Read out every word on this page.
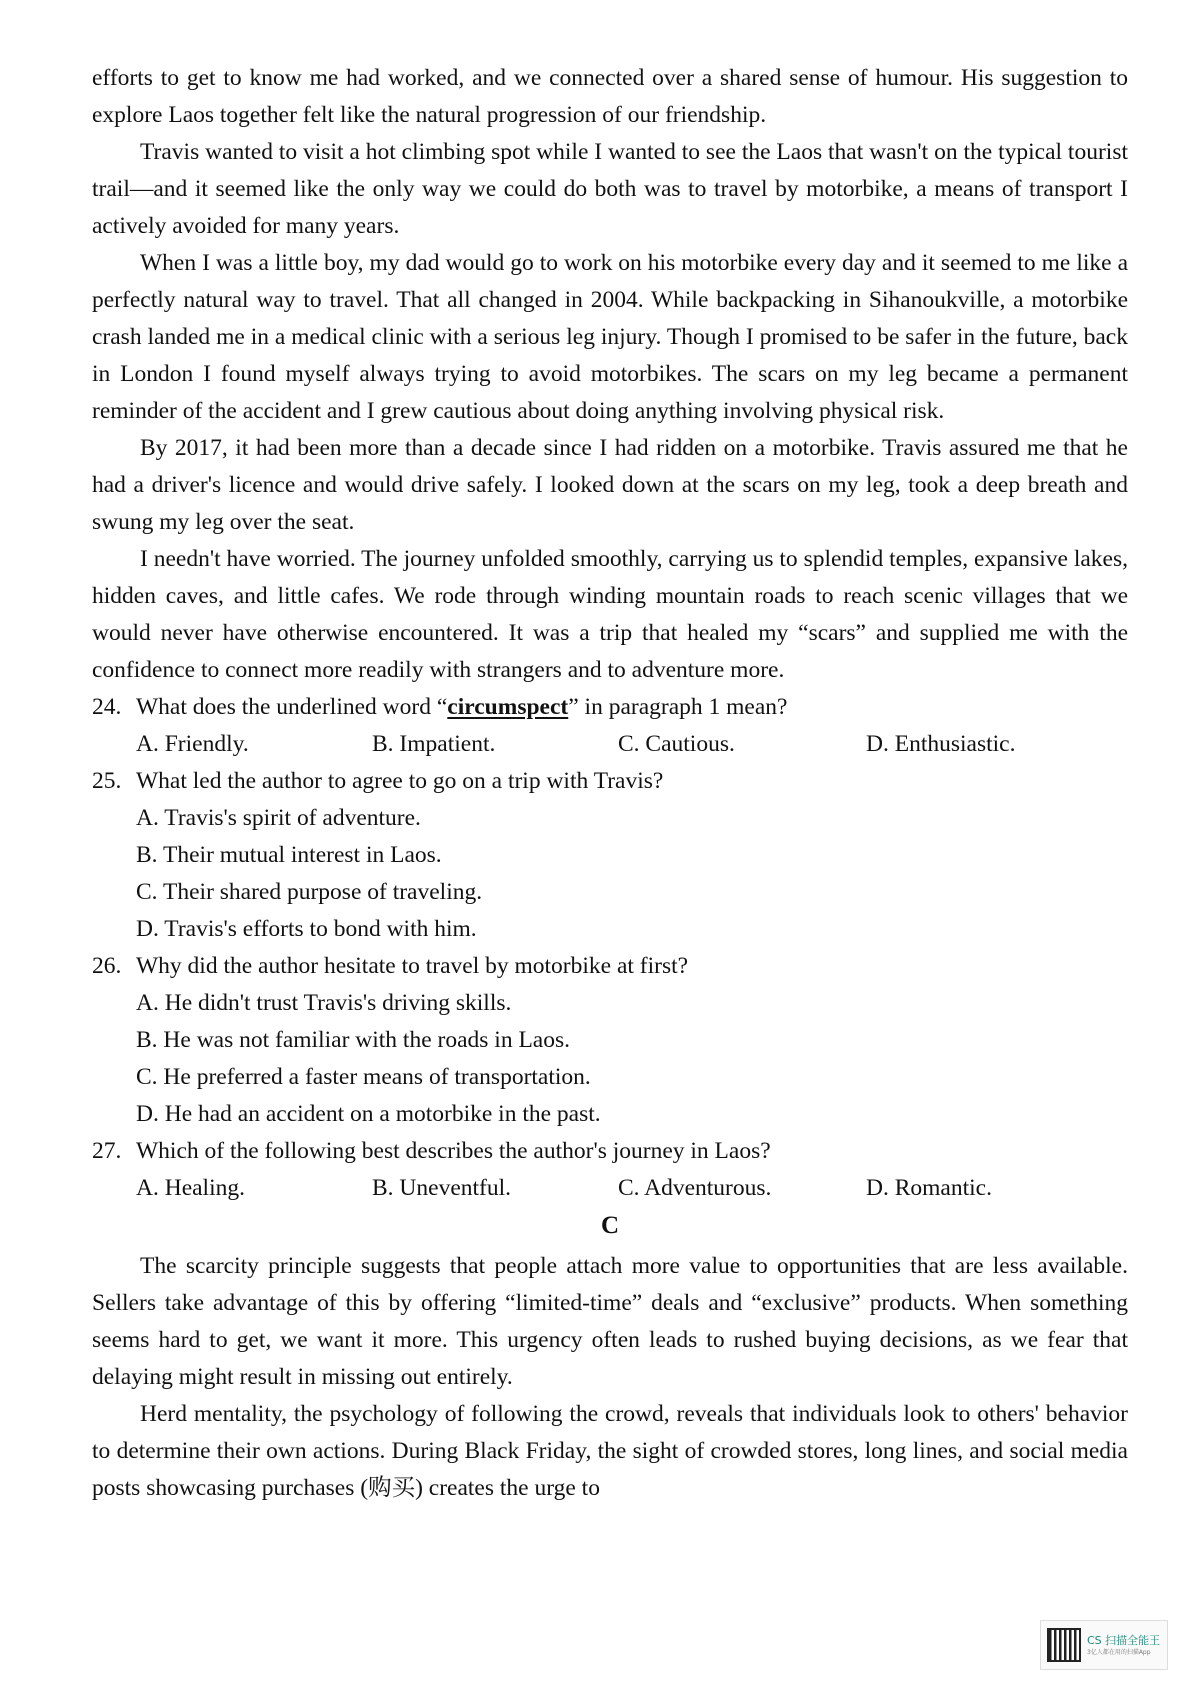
efforts to get to know me had worked, and we connected over a shared sense of humour. His suggestion to explore Laos together felt like the natural progression of our friendship.

Travis wanted to visit a hot climbing spot while I wanted to see the Laos that wasn't on the typical tourist trail—and it seemed like the only way we could do both was to travel by motorbike, a means of transport I actively avoided for many years.

When I was a little boy, my dad would go to work on his motorbike every day and it seemed to me like a perfectly natural way to travel. That all changed in 2004. While backpacking in Sihanoukville, a motorbike crash landed me in a medical clinic with a serious leg injury. Though I promised to be safer in the future, back in London I found myself always trying to avoid motorbikes. The scars on my leg became a permanent reminder of the accident and I grew cautious about doing anything involving physical risk.

By 2017, it had been more than a decade since I had ridden on a motorbike. Travis assured me that he had a driver's licence and would drive safely. I looked down at the scars on my leg, took a deep breath and swung my leg over the seat.

I needn't have worried. The journey unfolded smoothly, carrying us to splendid temples, expansive lakes, hidden caves, and little cafes. We rode through winding mountain roads to reach scenic villages that we would never have otherwise encountered. It was a trip that healed my “scars” and supplied me with the confidence to connect more readily with strangers and to adventure more.

24. What does the underlined word “circumspect” in paragraph 1 mean?
A. Friendly.	B. Impatient.	C. Cautious.	D. Enthusiastic.
25. What led the author to agree to go on a trip with Travis?
A. Travis's spirit of adventure.
B. Their mutual interest in Laos.
C. Their shared purpose of traveling.
D. Travis's efforts to bond with him.
26. Why did the author hesitate to travel by motorbike at first?
A. He didn't trust Travis's driving skills.
B. He was not familiar with the roads in Laos.
C. He preferred a faster means of transportation.
D. He had an accident on a motorbike in the past.
27. Which of the following best describes the author's journey in Laos?
A. Healing.	B. Uneventful.	C. Adventurous.	D. Romantic.
C

The scarcity principle suggests that people attach more value to opportunities that are less available. Sellers take advantage of this by offering “limited-time” deals and “exclusive” products. When something seems hard to get, we want it more. This urgency often leads to rushed buying decisions, as we fear that delaying might result in missing out entirely.

Herd mentality, the psychology of following the crowd, reveals that individuals look to others' behavior to determine their own actions. During Black Friday, the sight of crowded stores, long lines, and social media posts showcasing purchases (购买) creates the urge to

CS 扫描全能王
3亿人都在用的扫描App
